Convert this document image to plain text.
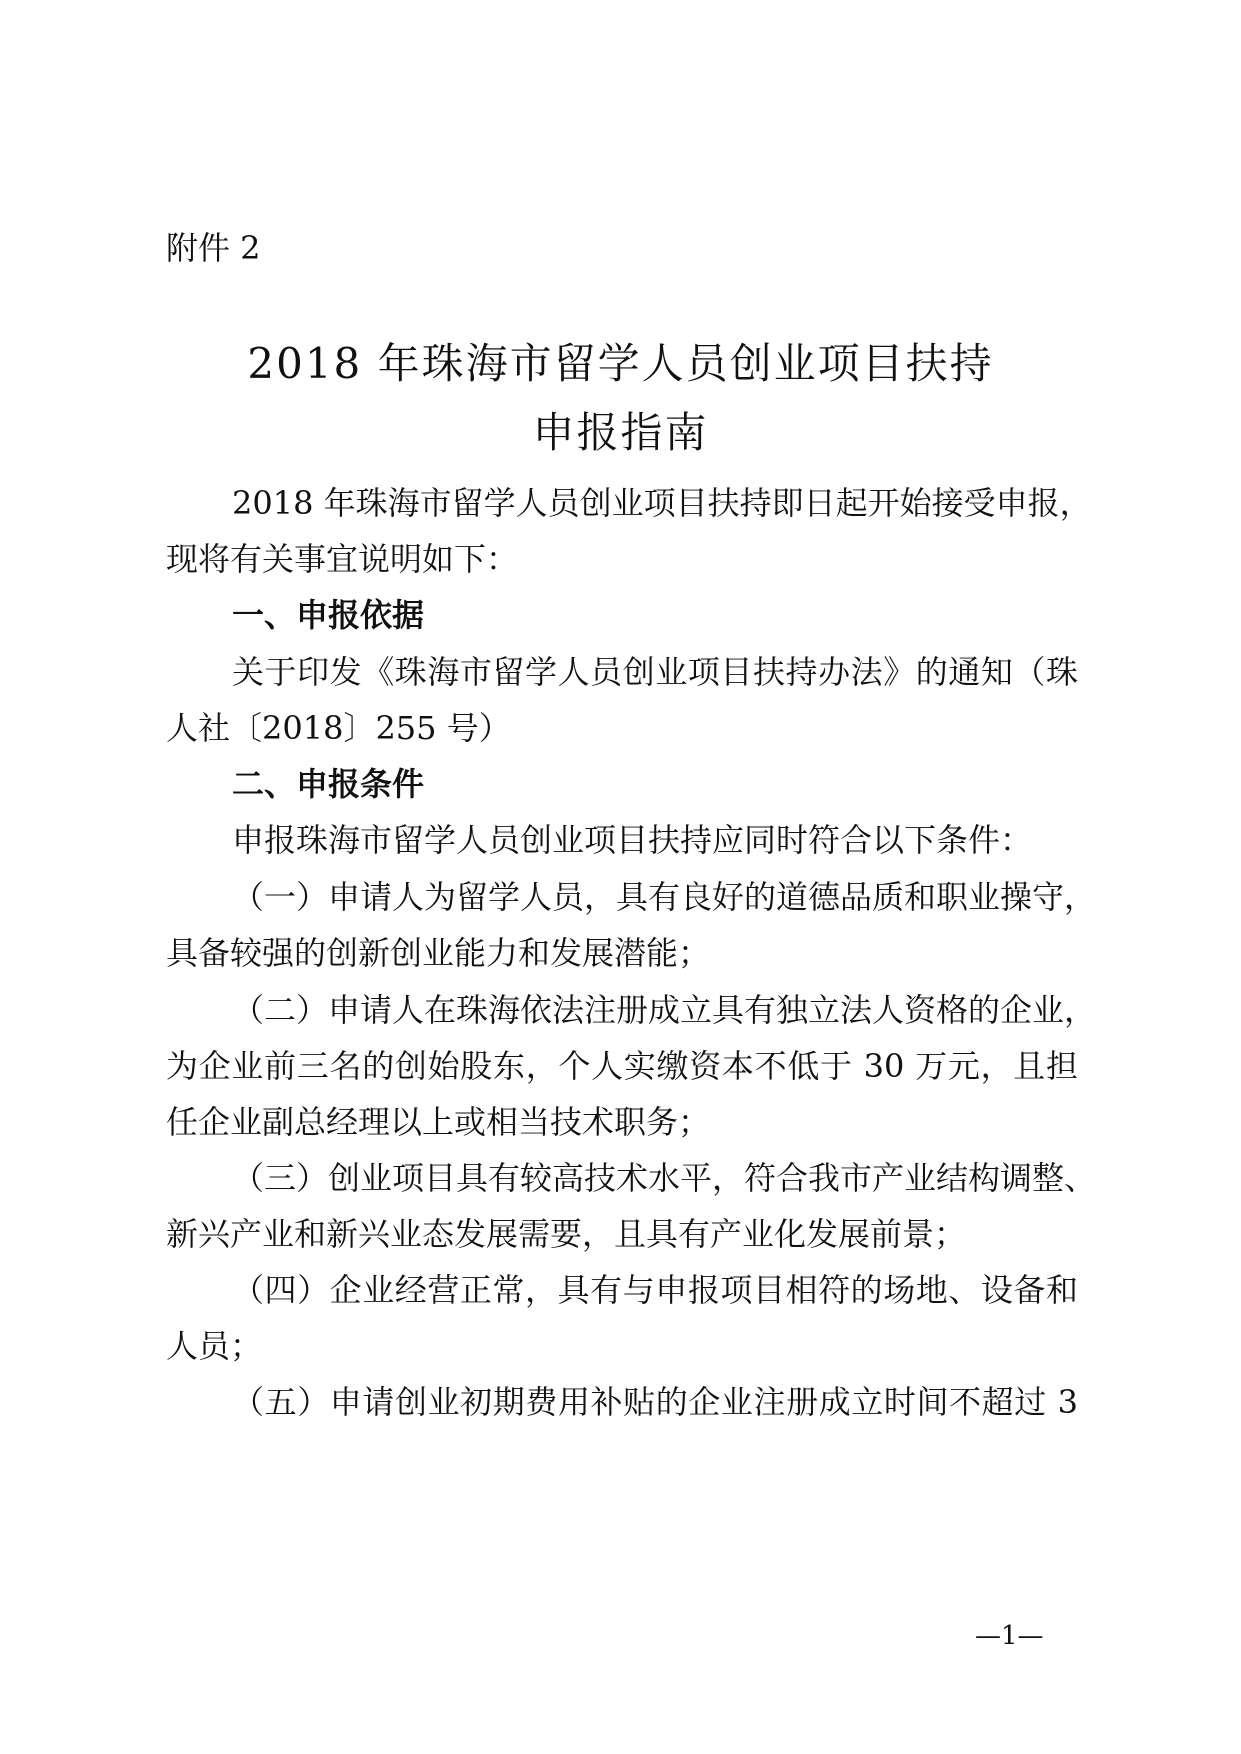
附件 2
2018 年珠海市留学人员创业项目扶持
申报指南
2018 年珠海市留学人员创业项目扶持即日起开始接受申报，
现将有关事宜说明如下：
一、申报依据
关于印发《珠海市留学人员创业项目扶持办法》的通知（珠
人社〔2018〕255 号）
二、申报条件
申报珠海市留学人员创业项目扶持应同时符合以下条件：
（一）申请人为留学人员，具有良好的道德品质和职业操守，
具备较强的创新创业能力和发展潜能；
（二）申请人在珠海依法注册成立具有独立法人资格的企业，
为企业前三名的创始股东，个人实缴资本不低于 30 万元，且担
任企业副总经理以上或相当技术职务；
（三）创业项目具有较高技术水平，符合我市产业结构调整、
新兴产业和新兴业态发展需要，且具有产业化发展前景；
（四）企业经营正常，具有与申报项目相符的场地、设备和
人员；
（五）申请创业初期费用补贴的企业注册成立时间不超过 3
—1—
